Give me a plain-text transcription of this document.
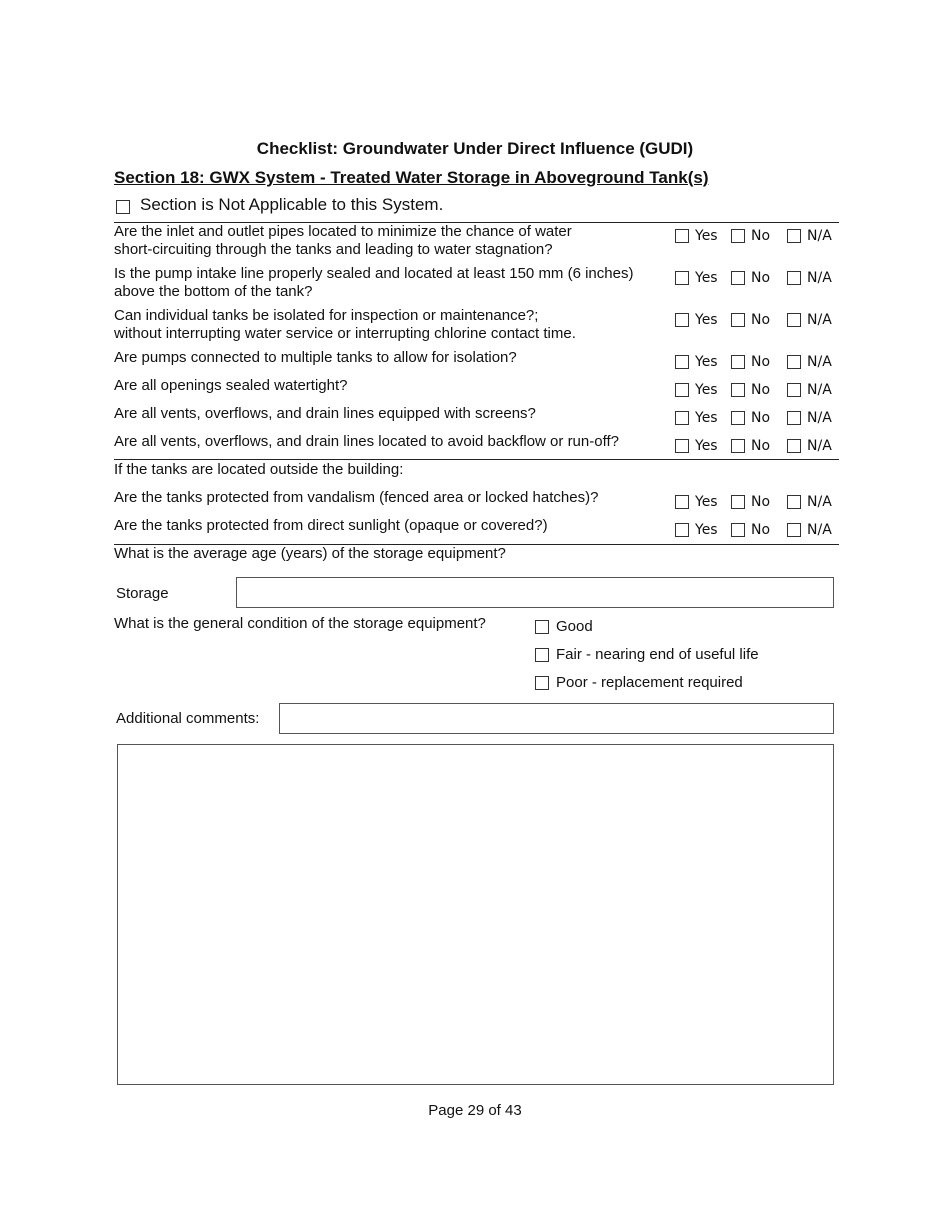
Checklist: Groundwater Under Direct Influence (GUDI)
Section 18: GWX System - Treated Water Storage in Aboveground Tank(s)
Section is Not Applicable to this System.
Are the inlet and outlet pipes located to minimize the chance of water
short-circuiting through the tanks and leading to water stagnation?
Yes No	N/A
Is the pump intake line properly sealed and located at least 150 mm (6 inches)
above the bottom of the tank?
Yes No	N/A
Can individual tanks be isolated for inspection or maintenance?;
without interrupting water service or interrupting chlorine contact time.
Yes No	N/A
Are pumps connected to multiple tanks to allow for isolation?	Yes No	N/A
Are all openings sealed watertight?	Yes No	N/A
Are all vents, overflows, and drain lines equipped with screens?	Yes No	N/A
Are all vents, overflows, and drain lines located to avoid backflow or run-off?	Yes No	N/A
If the tanks are located outside the building:
Are the tanks protected from vandalism (fenced area or locked hatches)?	Yes No	N/A
Are the tanks protected from direct sunlight (opaque or covered?)	Yes No	N/A
What is the average age (years) of the storage equipment?
Storage
What is the general condition of the storage equipment?	Good
Fair - nearing end of useful life
Poor - replacement required
Additional comments:
Page 29 of 43
